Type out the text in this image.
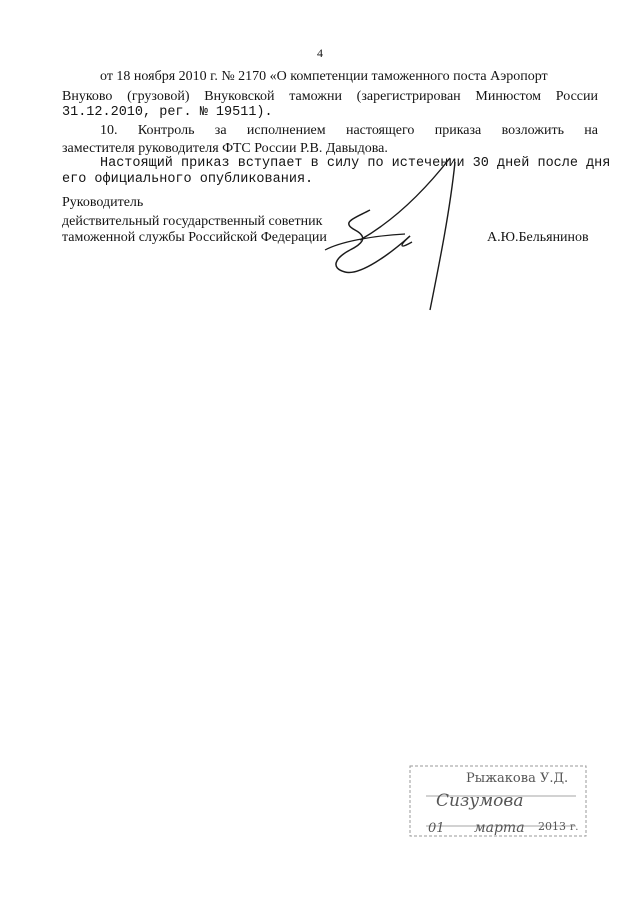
4
от 18 ноября 2010 г. № 2170 «О компетенции таможенного поста Аэропорт
Внуково (грузовой) Внуковской таможни (зарегистрирован Минюстом России
31.12.2010, рег. № 19511).
10. Контроль за исполнением настоящего приказа возложить на
заместителя руководителя ФТС России Р.В. Давыдова.
Настоящий приказ вступает в силу по истечении 30 дней после дня
его официального опубликования.
Руководитель
действительный государственный советник
таможенной службы Российской Федерации	А.Ю.Бельянинов
Рыжакова У.Д.
Сизумова
01 марта 2013 г.
